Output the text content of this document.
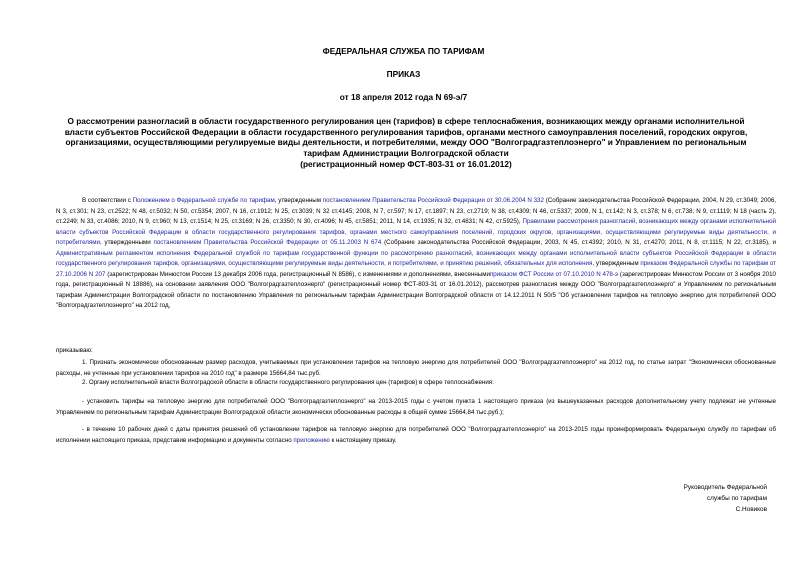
ФЕДЕРАЛЬНАЯ СЛУЖБА ПО ТАРИФАМ
ПРИКАЗ
от 18 апреля 2012 года N 69-э/7
О рассмотрении разногласий в области государственного регулирования цен (тарифов) в сфере теплоснабжения, возникающих между органами исполнительной власти субъектов Российской Федерации в области государственного регулирования тарифов, органами местного самоуправления поселений, городских округов, организациями, осуществляющими регулируемые виды деятельности, и потребителями, между ООО "Волгоградгазтеплоэнерго" и Управлением по региональным тарифам Администрации Волгоградской области
(регистрационный номер ФСТ-803-31 от 16.01.2012)
В соответствии с Положением о Федеральной службе по тарифам, утвержденным постановлением Правительства Российской Федерации от 30.06.2004 N 332 (Собрание законодательства Российской Федерации, 2004, N 29, ст.3049; 2006, N 3, ст.301; N 23, ст.2522; N 48, ст.5032; N 50, ст.5354; 2007, N 16, ст.1912; N 25, ст.3039; N 32 ст.4145; 2008, N 7, ст.597; N 17, ст.1897; N 23, ст.2719; N 38, ст.4309; N 46, ст.5337; 2009, N 1, ст.142; N 3, ст.378; N 6, ст.738; N 9, ст.1119; N 18 (часть 2), ст.2249; N 33, ст.4086; 2010, N 9, ст.960; N 13, ст.1514; N 25, ст.3169; N 26, ст.3350; N 30, ст.4096; N 45, ст.5851; 2011, N 14, ст.1935; N 32, ст.4831; N 42, ст.5925), Правилами рассмотрения разногласий, возникающих между органами исполнительной власти субъектов Российской Федерации в области государственного регулирования тарифов, органами местного самоуправления поселений, городских округов, организациями, осуществляющими регулируемые виды деятельности, и потребителями, утвержденными постановлением Правительства Российской Федерации от 05.11.2003 N 674 (Собрание законодательства Российской Федерации, 2003, N 45, ст.4392; 2010, N 31, ст.4270; 2011, N 8, ст.1115; N 22, ст.3185), и Административным регламентом исполнения Федеральной службой по тарифам государственной функции по рассмотрению разногласий, возникающих между органами исполнительной власти субъектов Российской Федерации в области государственного регулирования тарифов, организациями, осуществляющими регулируемые виды деятельности, и потребителями, и принятию решений, обязательных для исполнения, утвержденным приказом Федеральной службы по тарифам от 27.10.2006 N 207 (зарегистрирован Минюстом России 13 декабря 2006 года, регистрационный N 8586), с изменениями и дополнениями, внесеннымиприказом ФСТ России от 07.10.2010 N 478-э (зарегистрирован Минюстом России от 3 ноября 2010 года, регистрационный N 18886), на основании заявления ООО "Волгоградгазтеплоэнерго" (регистрационный номер ФСТ-803-31 от 16.01.2012), рассмотрев разногласия между ООО "Волгоградгазтеплоэнерго" и Управлением по региональным тарифам Администрации Волгоградской области по постановлению Управления по региональным тарифам Администрации Волгоградской области от 14.12.2011 N 50/5 "Об установлении тарифов на тепловую энергию для потребителей ООО "Волгоградгазтеплоэнерго" на 2012 год,
приказываю:
1. Признать экономически обоснованным размер расходов, учитываемых при установлении тарифов на тепловую энергию для потребителей ООО "Волгоградгазтеплоэнерго" на 2012 год, по статье затрат "Экономически обоснованные расходы, не учтенные при установлении тарифов на 2010 год" в размере 15664,84 тыс.руб.
2. Органу исполнительной власти Волгоградской области в области государственного регулирования цен (тарифов) в сфере теплоснабжения:
- установить тарифы на тепловую энергию для потребителей ООО "Волгоградгазтеплоэнерго" на 2013-2015 годы с учетом пункта 1 настоящего приказа (из вышеуказанных расходов дополнительному учету подлежат не учтенные Управлением по региональным тарифам Администрации Волгоградской области экономически обоснованные расходы в общей сумме 15664,84 тыс.руб.);
- в течение 10 рабочих дней с даты принятия решений об установлении тарифов на тепловую энергию для потребителей ООО "Волгоградгазтеплоэнерго" на 2013-2015 годы проинформировать Федеральную службу по тарифам об исполнении настоящего приказа, представив информацию и документы согласно приложению к настоящему приказу.
Руководитель Федеральной
службы по тарифам
С.Новиков
